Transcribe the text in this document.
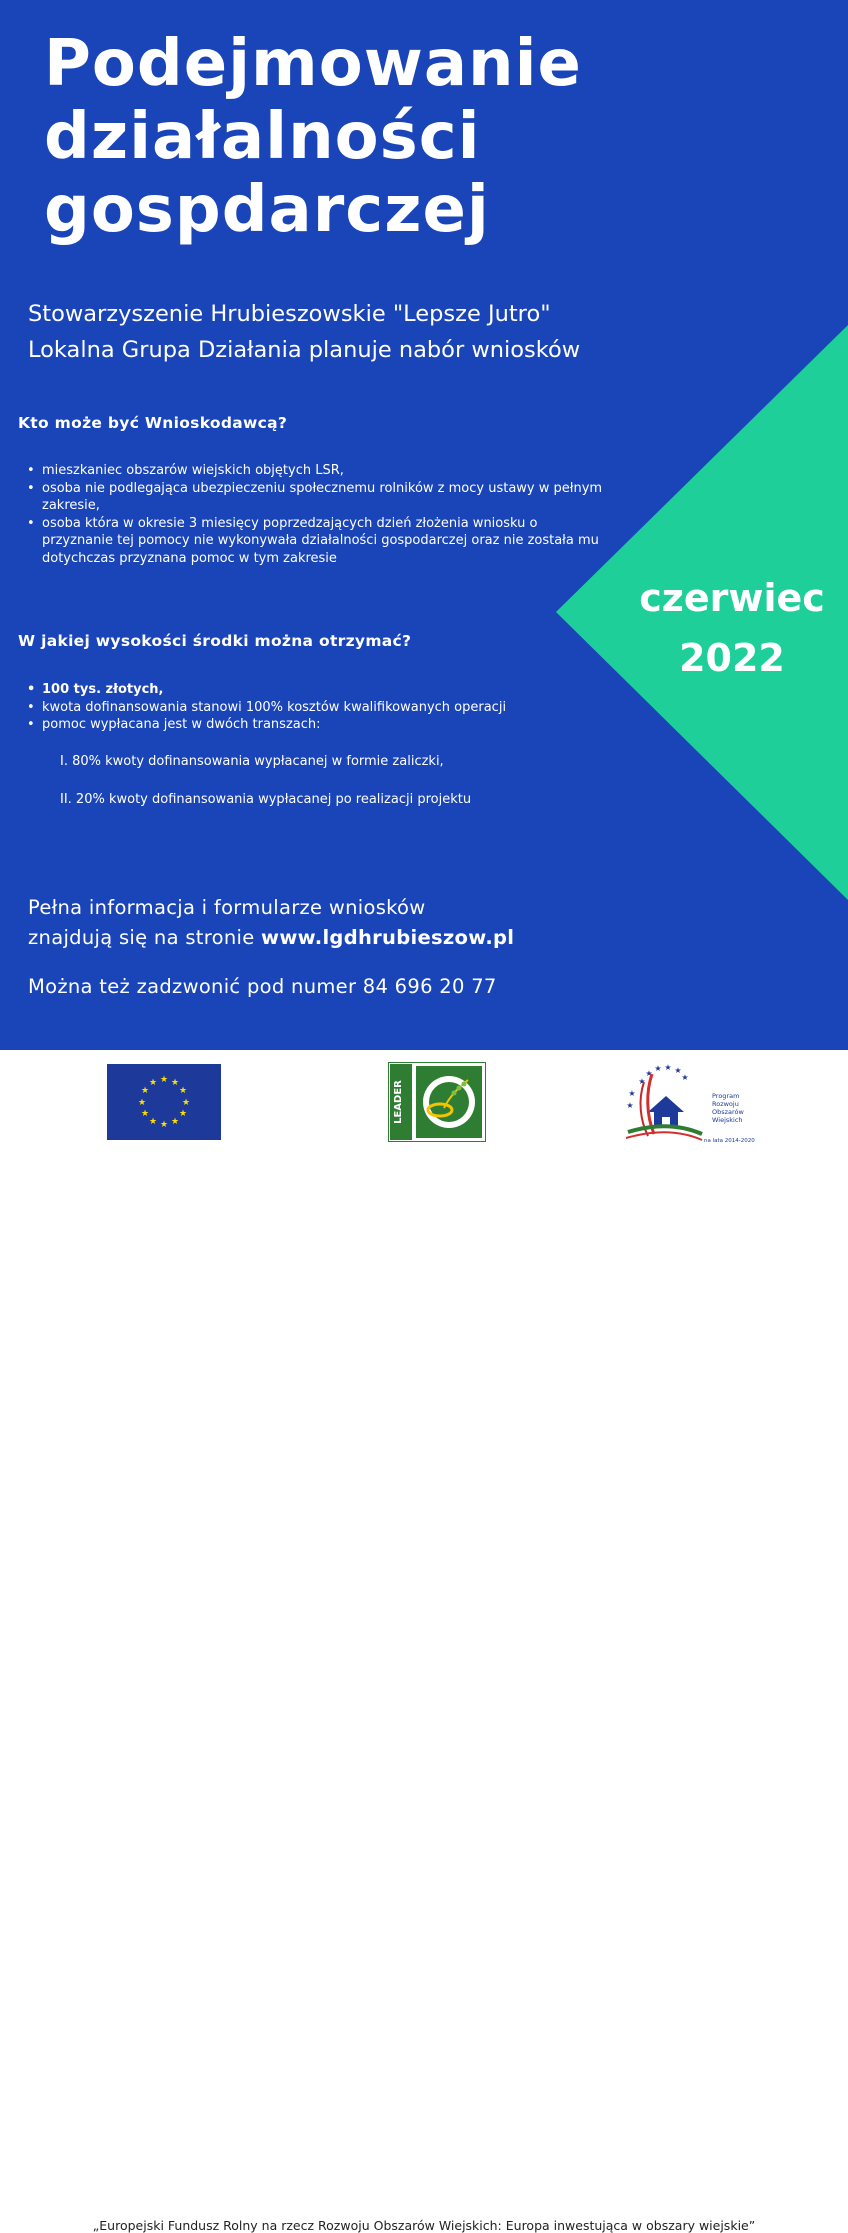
Podejmowanie
działalności
gospdarczej
Stowarzyszenie Hrubieszowskie "Lepsze Jutro"
Lokalna Grupa Działania planuje nabór wniosków
Kto może być Wnioskodawcą?
• mieszkaniec obszarów wiejskich objętych LSR,
• osoba nie podlegająca ubezpieczeniu społecznemu rolników z mocy ustawy w pełnym zakresie,
• osoba która w okresie 3 miesięcy poprzedzających dzień złożenia wniosku o przyznanie tej pomocy nie wykonywała działalności gospodarczej oraz nie została mu dotychczas przyznana pomoc w tym zakresie
W jakiej wysokości środki można otrzymać?
• 100 tys. złotych,
• kwota dofinansowania stanowi 100% kosztów kwalifikowanych operacji
• pomoc wypłacana jest w dwóch transzach:
I. 80% kwoty dofinansowania wypłacanej w formie zaliczki,
II. 20% kwoty dofinansowania wypłacanej po realizacji projektu
czerwiec
2022
Pełna informacja i formularze wniosków
znajdują się na stronie www.lgdhrubieszow.pl
Można też zadzwonić pod numer 84 696 20 77
★ ★
★
★
★
★
★
★
★
★
★
★	LEADER	★
★
★ ★ ★
★
★
★
Program
Rozwoju
Obszarów
Wiejskich
na lata 2014-2020
„Europejski Fundusz Rolny na rzecz Rozwoju Obszarów Wiejskich: Europa inwestująca w obszary wiejskie”
